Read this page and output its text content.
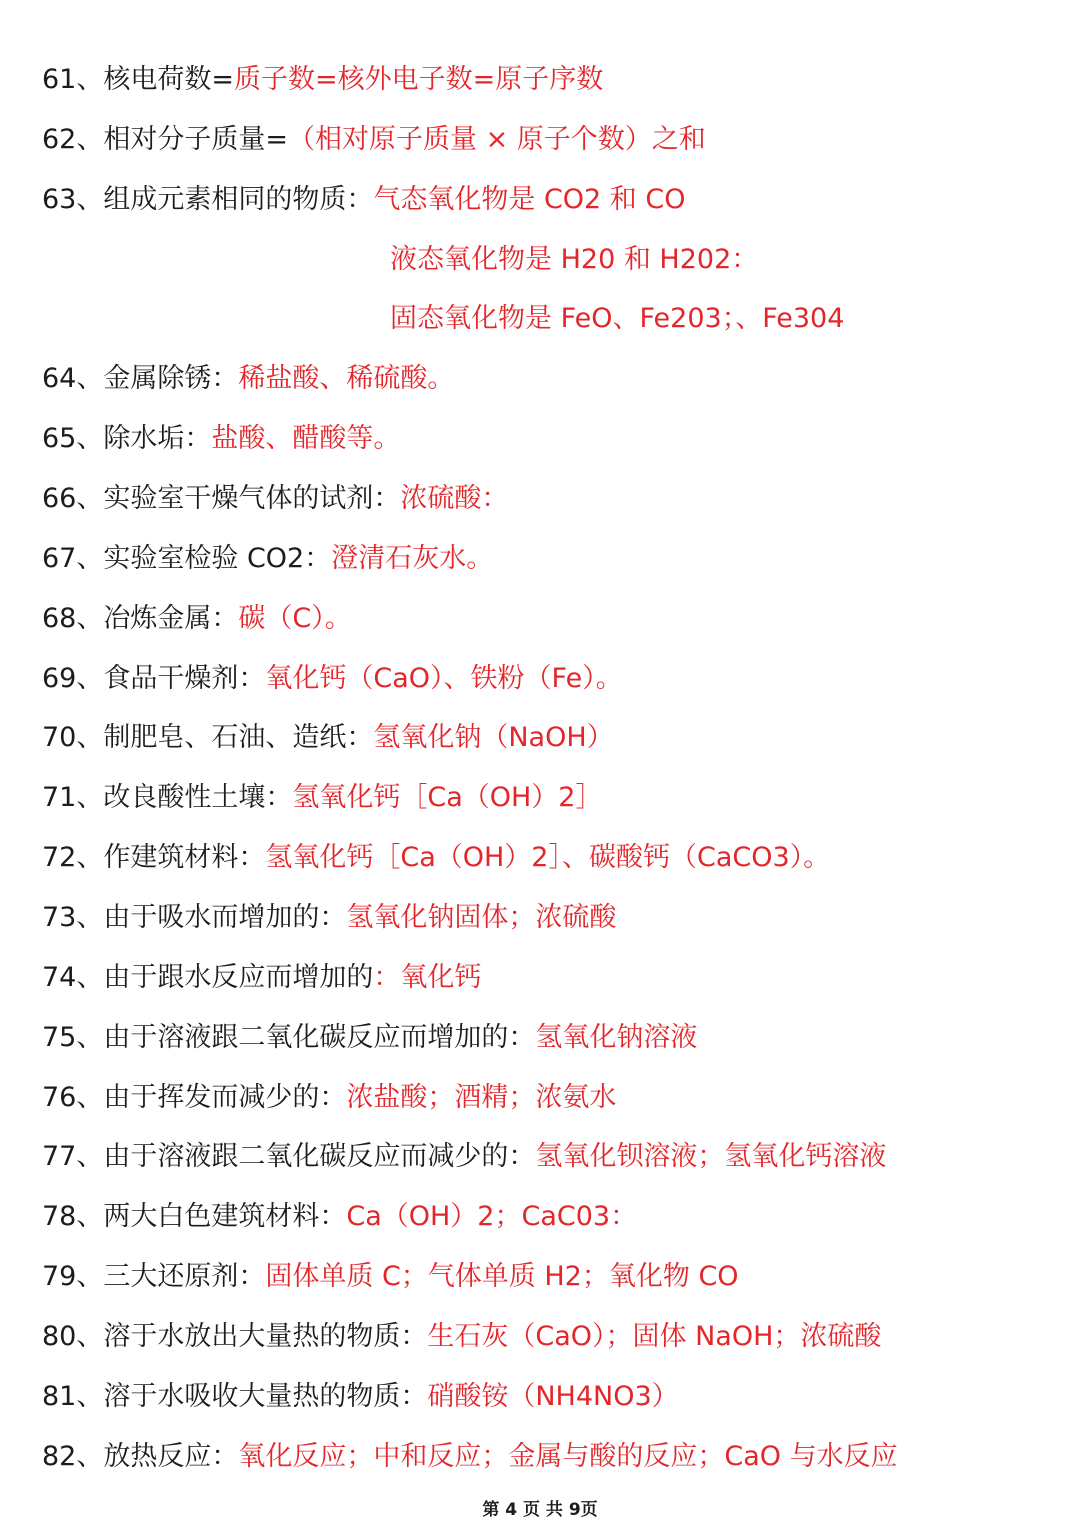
61、核电荷数=质子数=核外电子数=原子序数
62、相对分子质量=（相对原子质量 × 原子个数）之和
63、组成元素相同的物质：气态氧化物是 CO2 和 CO
液态氧化物是 H20 和 H202：
固态氧化物是 FeO、Fe203；、Fe304
64、金属除锈：稀盐酸、稀硫酸。
65、除水垢：盐酸、醋酸等。
66、实验室干燥气体的试剂：浓硫酸：
67、实验室检验 CO2：澄清石灰水。
68、冶炼金属：碳（C）。
69、食品干燥剂：氧化钙（CaO）、铁粉（Fe）。
70、制肥皂、石油、造纸：氢氧化钠（NaOH）
71、改良酸性土壤：氢氧化钙［Ca（OH）2］
72、作建筑材料：氢氧化钙［Ca（OH）2］、碳酸钙（CaCO3）。
73、由于吸水而增加的：氢氧化钠固体；浓硫酸
74、由于跟水反应而增加的：氧化钙
75、由于溶液跟二氧化碳反应而增加的：氢氧化钠溶液
76、由于挥发而减少的：浓盐酸；酒精；浓氨水
77、由于溶液跟二氧化碳反应而减少的：氢氧化钡溶液；氢氧化钙溶液
78、两大白色建筑材料：Ca（OH）2；CaC03：
79、三大还原剂：固体单质 C；气体单质 H2；氧化物 CO
80、溶于水放出大量热的物质：生石灰（CaO）；固体 NaOH；浓硫酸
81、溶于水吸收大量热的物质：硝酸铵（NH4NO3）
82、放热反应：氧化反应；中和反应；金属与酸的反应；CaO 与水反应
第 4 页 共 9页
